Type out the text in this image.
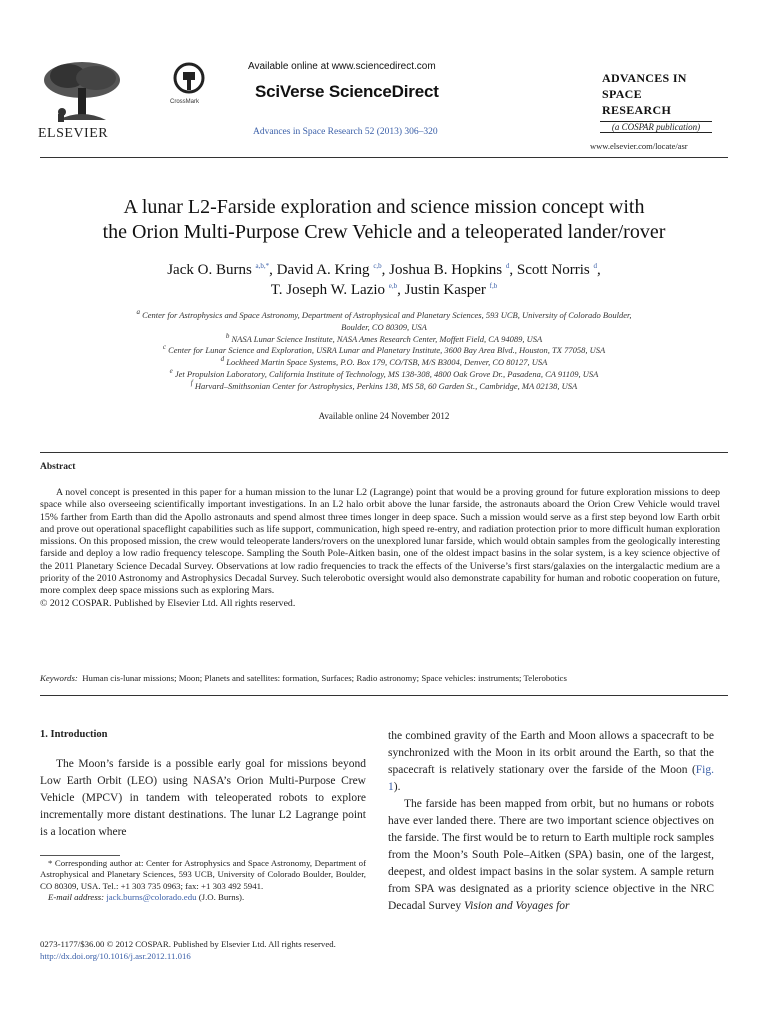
ELSEVIER
Available online at www.sciencedirect.com
CrossMark
SciVerse ScienceDirect
Advances in Space Research 52 (2013) 306–320
ADVANCES IN
SPACE
RESEARCH
(a COSPAR publication)
www.elsevier.com/locate/asr
A lunar L2-Farside exploration and science mission concept with
the Orion Multi-Purpose Crew Vehicle and a teleoperated lander/rover
Jack O. Burns $^{a,b,*}$, David A. Kring $^{c,b}$, Joshua B. Hopkins $^d$, Scott Norris $^d$,
T. Joseph W. Lazio $^{e,b}$, Justin Kasper $^{f,b}$
$^a$ Center for Astrophysics and Space Astronomy, Department of Astrophysical and Planetary Sciences, 593 UCB, University of Colorado Boulder,
Boulder, CO 80309, USA
$^b$ NASA Lunar Science Institute, NASA Ames Research Center, Moffett Field, CA 94089, USA
$^c$ Center for Lunar Science and Exploration, USRA Lunar and Planetary Institute, 3600 Bay Area Blvd., Houston, TX 77058, USA
$^d$ Lockheed Martin Space Systems, P.O. Box 179, CO/TSB, M/S B3004, Denver, CO 80127, USA
$^e$ Jet Propulsion Laboratory, California Institute of Technology, MS 138-308, 4800 Oak Grove Dr., Pasadena, CA 91109, USA
$^f$ Harvard–Smithsonian Center for Astrophysics, Perkins 138, MS 58, 60 Garden St., Cambridge, MA 02138, USA
Available online 24 November 2012
Abstract
A novel concept is presented in this paper for a human mission to the lunar L2 (Lagrange) point that would be a proving ground for future exploration missions to deep space while also overseeing scientifically important investigations. In an L2 halo orbit above the lunar farside, the astronauts aboard the Orion Crew Vehicle would travel 15% farther from Earth than did the Apollo astronauts and spend almost three times longer in deep space. Such a mission would serve as a first step beyond low Earth orbit and prove out operational spaceflight capabilities such as life support, communication, high speed re-entry, and radiation protection prior to more difficult human exploration missions. On this proposed mission, the crew would teleoperate landers/rovers on the unexplored lunar farside, which would obtain samples from the geologically interesting farside and deploy a low radio frequency telescope. Sampling the South Pole-Aitken basin, one of the oldest impact basins in the solar system, is a key science objective of the 2011 Planetary Science Decadal Survey. Observations at low radio frequencies to track the effects of the Universe’s first stars/galaxies on the intergalactic medium are a priority of the 2010 Astronomy and Astrophysics Decadal Survey. Such telerobotic oversight would also demonstrate capability for human and robotic cooperation on future, more complex deep space missions such as exploring Mars.
© 2012 COSPAR. Published by Elsevier Ltd. All rights reserved.
Keywords: Human cis-lunar missions; Moon; Planets and satellites: formation, Surfaces; Radio astronomy; Space vehicles: instruments; Telerobotics
1. Introduction
The Moon’s farside is a possible early goal for missions beyond Low Earth Orbit (LEO) using NASA’s Orion Multi-Purpose Crew Vehicle (MPCV) in tandem with teleoperated robots to explore incrementally more distant destinations. The lunar L2 Lagrange point is a location where

the combined gravity of the Earth and Moon allows a spacecraft to be synchronized with the Moon in its orbit around the Earth, so that the spacecraft is relatively stationary over the farside of the Moon (Fig. 1).

The farside has been mapped from orbit, but no humans or robots have ever landed there. There are two important science objectives on the farside. The first would be to return to Earth multiple rock samples from the Moon’s South Pole–Aitken (SPA) basin, one of the largest, deepest, and oldest impact basins in the solar system. A sample return from SPA was designated as a priority science objective in the NRC Decadal Survey Vision and Voyages for

* Corresponding author at: Center for Astrophysics and Space Astronomy, Department of Astrophysical and Planetary Sciences, 593 UCB, University of Colorado Boulder, Boulder, CO 80309, USA. Tel.: +1 303 735 0963; fax: +1 303 492 5941.
E-mail address: jack.burns@colorado.edu (J.O. Burns).
0273-1177/$36.00 © 2012 COSPAR. Published by Elsevier Ltd. All rights reserved.
http://dx.doi.org/10.1016/j.asr.2012.11.016
